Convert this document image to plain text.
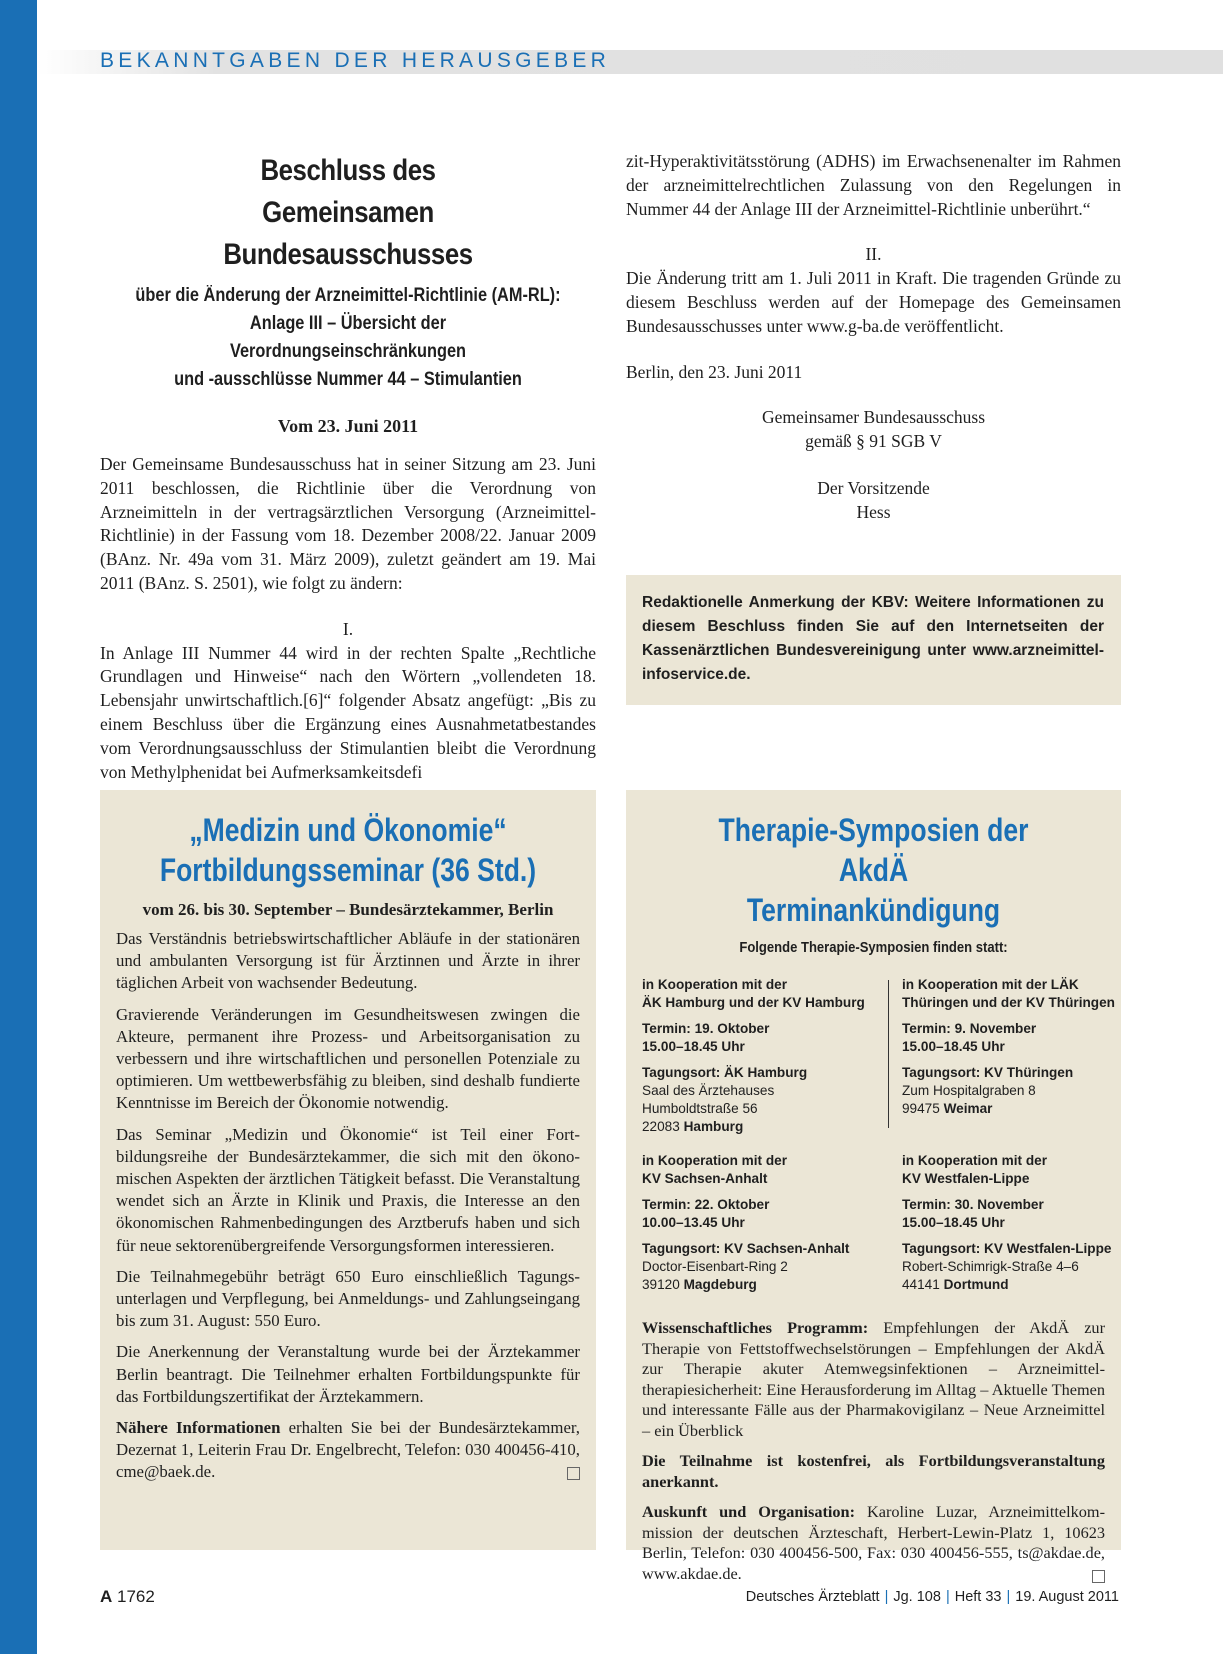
BEKANNTGABEN DER HERAUSGEBER
Beschluss des
Gemeinsamen Bundesausschusses
über die Änderung der Arzneimittel-Richtlinie (AM-RL):
Anlage III – Übersicht der Verordnungseinschränkungen
und -ausschlüsse Nummer 44 – Stimulantien
Vom 23. Juni 2011

Der Gemeinsame Bundesausschuss hat in seiner Sitzung am 23. Juni 2011 beschlossen, die Richtlinie über die Verordnung von Arzneimitteln in der vertragsärztlichen Versorgung (Arzneimittel-Richtlinie) in der Fassung vom 18. Dezember 2008/22. Januar 2009 (BAnz. Nr. 49a vom 31. März 2009), zuletzt geändert am 19. Mai 2011 (BAnz. S. 2501), wie folgt zu ändern:

I.

In Anlage III Nummer 44 wird in der rechten Spalte „Rechtliche Grundlagen und Hinweise“ nach den Wörtern „vollendeten 18. Lebensjahr unwirtschaftlich.[6]“ folgender Absatz angefügt: „Bis zu einem Beschluss über die Ergänzung eines Ausnahmetatbestandes vom Verordnungsausschluss der Stimulantien bleibt die Verordnung von Methylphenidat bei Aufmerksamkeitsdefi

zit-Hyperaktivitätsstörung (ADHS) im Erwachsenenalter im Rahmen der arzneimittelrechtlichen Zulassung von den Regelungen in Nummer 44 der Anlage III der Arzneimittel-Richtlinie unberührt.“

II.

Die Änderung tritt am 1. Juli 2011 in Kraft. Die tragenden Gründe zu diesem Beschluss werden auf der Homepage des Gemeinsamen Bundesausschusses unter www.g-ba.de veröffentlicht.

Berlin, den 23. Juni 2011

Gemeinsamer Bundesausschuss
gemäß § 91 SGB V
Der Vorsitzende
Hess
Redaktionelle Anmerkung der KBV: Weitere Informationen zu diesem Beschluss finden Sie auf den Internetseiten der Kassenärztlichen Bundesvereinigung unter www.arzneimittelinfoservice.de.
„Medizin und Ökonomie“
Fortbildungsseminar (36 Std.)
vom 26. bis 30. September – Bundesärztekammer, Berlin

Das Verständnis betriebswirtschaftlicher Abläufe in der stationären und ambulanten Versorgung ist für Ärztinnen und Ärzte in ihrer täglichen Arbeit von wachsender Bedeutung.

Gravierende Veränderungen im Gesundheitswesen zwingen die Akteure, permanent ihre Prozess- und Arbeitsorganisation zu verbessern und ihre wirtschaftlichen und personellen Potenziale zu optimieren. Um wettbewerbsfähig zu bleiben, sind deshalb fundierte Kenntnisse im Bereich der Ökonomie notwendig.

Das Seminar „Medizin und Ökonomie“ ist Teil einer Fortbildungsreihe der Bundesärztekammer, die sich mit den ökonomischen Aspekten der ärztlichen Tätigkeit befasst. Die Veranstaltung wendet sich an Ärzte in Klinik und Praxis, die Interesse an den ökonomischen Rahmenbedingungen des Arztberufs haben und sich für neue sektorenübergreifende Versorgungsformen interessieren.

Die Teilnahmegebühr beträgt 650 Euro einschließlich Tagungsunterlagen und Verpflegung, bei Anmeldungs- und Zahlungseingang bis zum 31. August: 550 Euro.

Die Anerkennung der Veranstaltung wurde bei der Ärztekammer Berlin beantragt. Die Teilnehmer erhalten Fortbildungspunkte für das Fortbildungszertifikat der Ärztekammern.

Nähere Informationen erhalten Sie bei der Bundesärztekammer, Dezernat 1, Leiterin Frau Dr. Engelbrecht, Telefon: 030 400456-410, cme@baek.de.

Therapie-Symposien der AkdÄ
Terminankündigung
Folgende Therapie-Symposien finden statt:
in Kooperation mit der
ÄK Hamburg und der KV Hamburg
Termin: 19. Oktober
15.00–18.45 Uhr
Tagungsort: ÄK Hamburg
Saal des Ärztehauses
Humboldtstraße 56
22083 Hamburg
in Kooperation mit der LÄK
Thüringen und der KV Thüringen
Termin: 9. November
15.00–18.45 Uhr
Tagungsort: KV Thüringen
Zum Hospitalgraben 8
99475 Weimar
in Kooperation mit der
KV Sachsen-Anhalt
Termin: 22. Oktober
10.00–13.45 Uhr
Tagungsort: KV Sachsen-Anhalt
Doctor-Eisenbart-Ring 2
39120 Magdeburg
in Kooperation mit der
KV Westfalen-Lippe
Termin: 30. November
15.00–18.45 Uhr
Tagungsort: KV Westfalen-Lippe
Robert-Schimrigk-Straße 4–6
44141 Dortmund

Wissenschaftliches Programm: Empfehlungen der AkdÄ zur Therapie von Fettstoffwechselstörungen – Empfehlungen der AkdÄ zur Therapie akuter Atemwegsinfektionen – Arzneimitteltherapiesicherheit: Eine Herausforderung im Alltag – Aktuelle Themen und interessante Fälle aus der Pharmakovigilanz – Neue Arzneimittel – ein Überblick

Die Teilnahme ist kostenfrei, als Fortbildungsveranstaltung anerkannt.

Auskunft und Organisation: Karoline Luzar, Arzneimittelkommission der deutschen Ärzteschaft, Herbert-Lewin-Platz 1, 10623 Berlin, Telefon: 030 400456-500, Fax: 030 400456-555, ts@akdae.de, www.akdae.de.

A 1762	Deutsches Ärzteblatt | Jg. 108 | Heft 33 | 19. August 2011
